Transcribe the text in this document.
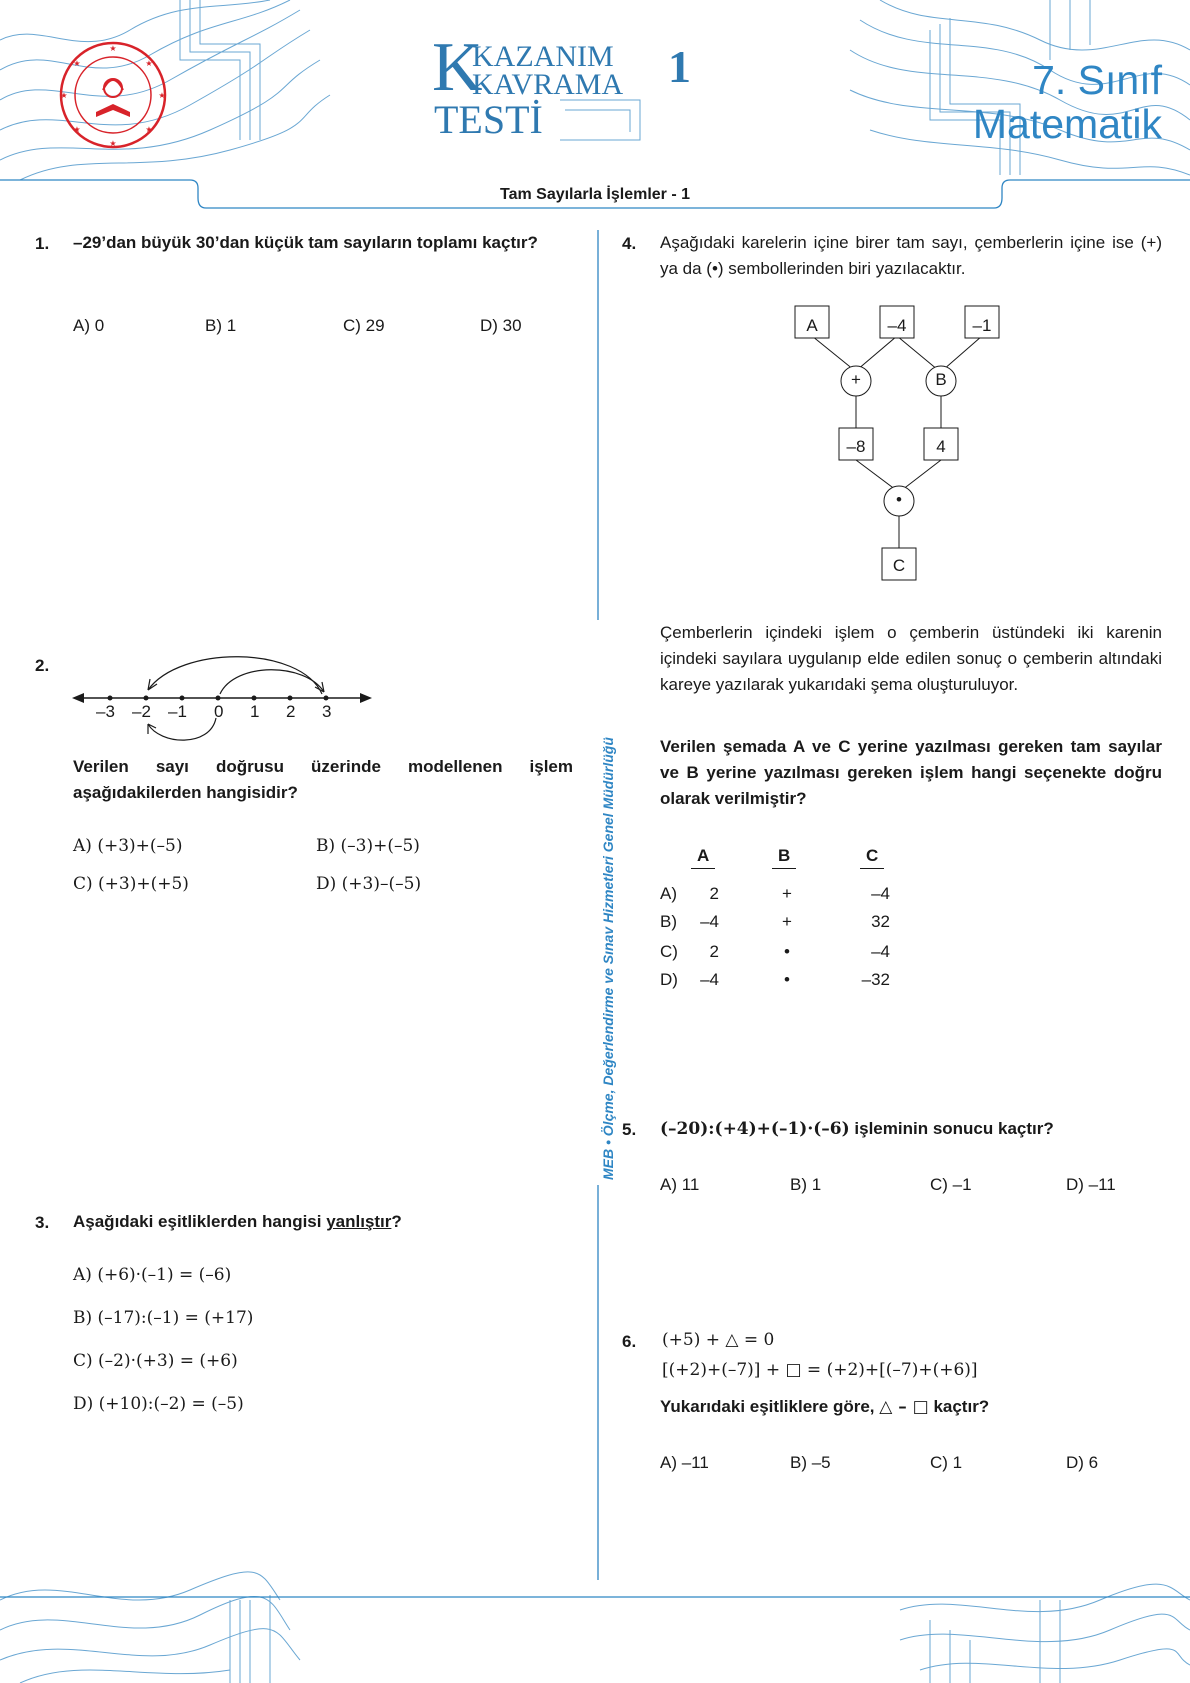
★
★
★
★
★
★
★
★	K
KAZANIM
KAVRAMA
TESTİ
1	7. Sınıf
Matematik
Tam Sayılarla İşlemler - 1
MEB • Ölçme, Değerlendirme ve Sınav Hizmetleri Genel Müdürlüğü
1. –29’dan büyük 30’dan küçük tam sayıların toplamı kaçtır?
A) 0	B) 1	C) 29	D) 30
2.
–3 –2 –1 0 1 2 3
Verilen sayı doğrusu üzerinde modellenen işlem aşağıdakilerden hangisidir?
A) (+3)+(–5)	B) (–3)+(–5)
C) (+3)+(+5)	D) (+3)–(–5)
3. Aşağıdaki eşitliklerden hangisi yanlıştır?
A) (+6)·(–1) = (–6)
B) (–17):(–1) = (+17)
C) (–2)·(+3) = (+6)
D) (+10):(–2) = (–5)
4. Aşağıdaki karelerin içine birer tam sayı, çemberlerin içine ise (+) ya da (•) sembollerinden biri yazılacaktır.
A	–4	–1
+	B
–8	4
•
C
Çemberlerin içindeki işlem o çemberin üstündeki iki karenin içindeki sayılara uygulanıp elde edilen sonuç o çemberin altındaki kareye yazılarak yukarıdaki şema oluşturuluyor.
Verilen şemada A ve C yerine yazılması gereken tam sayılar ve B yerine yazılması gereken işlem hangi seçenekte doğru olarak verilmiştir?
A	B	C
A)	2	+	–4
B)	–4	+	32
C)	2	•	–4
D)	–4	•	–32
5. (–20):(+4)+(–1)·(–6) işleminin sonucu kaçtır?
A) 11	B) 1	C) –1	D) –11
6. (+5) + △ = 0
[(+2)+(–7)] + □ = (+2)+[(–7)+(+6)]
Yukarıdaki eşitliklere göre, △ – □ kaçtır?
A) –11	B) –5	C) 1	D) 6
